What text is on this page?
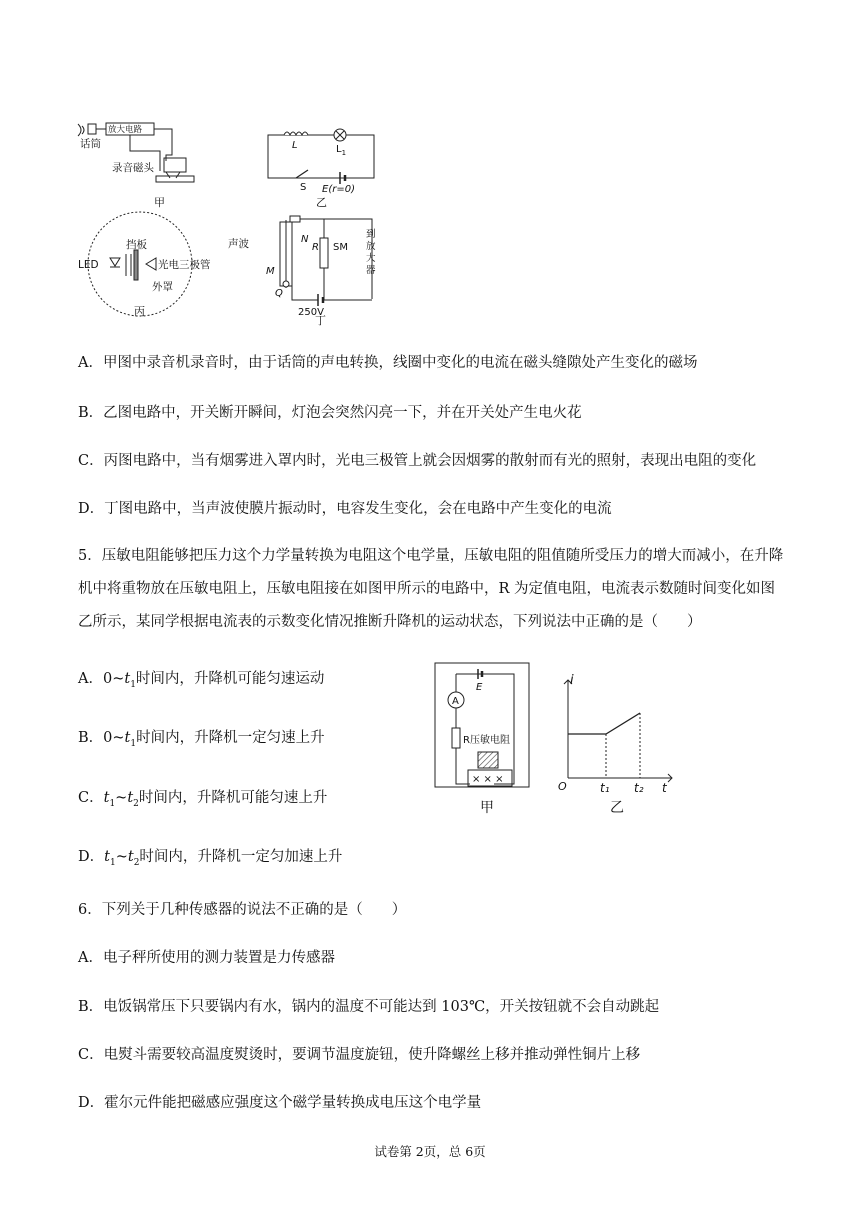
话筒
放大电路
录音磁头
甲
L	$L_1$
S E(r=0)
乙
LED
挡板
光电三极管
外罩
丙
声波	N
R SM
M
Q
250V
到
放
大
器
丁
A．甲图中录音机录音时，由于话筒的声电转换，线圈中变化的电流在磁头缝隙处产生变化的磁场
B．乙图电路中，开关断开瞬间，灯泡会突然闪亮一下，并在开关处产生电火花
C．丙图电路中，当有烟雾进入罩内时，光电三极管上就会因烟雾的散射而有光的照射，表现出电阻的变化
D．丁图电路中，当声波使膜片振动时，电容发生变化，会在电路中产生变化的电流
5．压敏电阻能够把压力这个力学量转换为电阻这个电学量，压敏电阻的阻值随所受压力的增大而减小，在升降机中将重物放在压敏电阻上，压敏电阻接在如图甲所示的电路中，R 为定值电阻，电流表示数随时间变化如图乙所示，某同学根据电流表的示数变化情况推断升降机的运动状态，下列说法中正确的是（　　）
A．$0\sim t_1$时间内，升降机可能匀速运动
B．$0\sim t_1$时间内，升降机一定匀速上升
C．$t_1\sim t_2$时间内，升降机可能匀速上升
D．$t_1\sim t_2$时间内，升降机一定匀加速上升
E
A
R压敏电阻
× × ×
甲
i
O	t₁ t₂ t
乙
6．下列关于几种传感器的说法不正确的是（　　）
A．电子秤所使用的测力装置是力传感器
B．电饭锅常压下只要锅内有水，锅内的温度不可能达到 103℃，开关按钮就不会自动跳起
C．电熨斗需要较高温度熨烫时，要调节温度旋钮，使升降螺丝上移并推动弹性铜片上移
D．霍尔元件能把磁感应强度这个磁学量转换成电压这个电学量
试卷第 2页，总 6页
